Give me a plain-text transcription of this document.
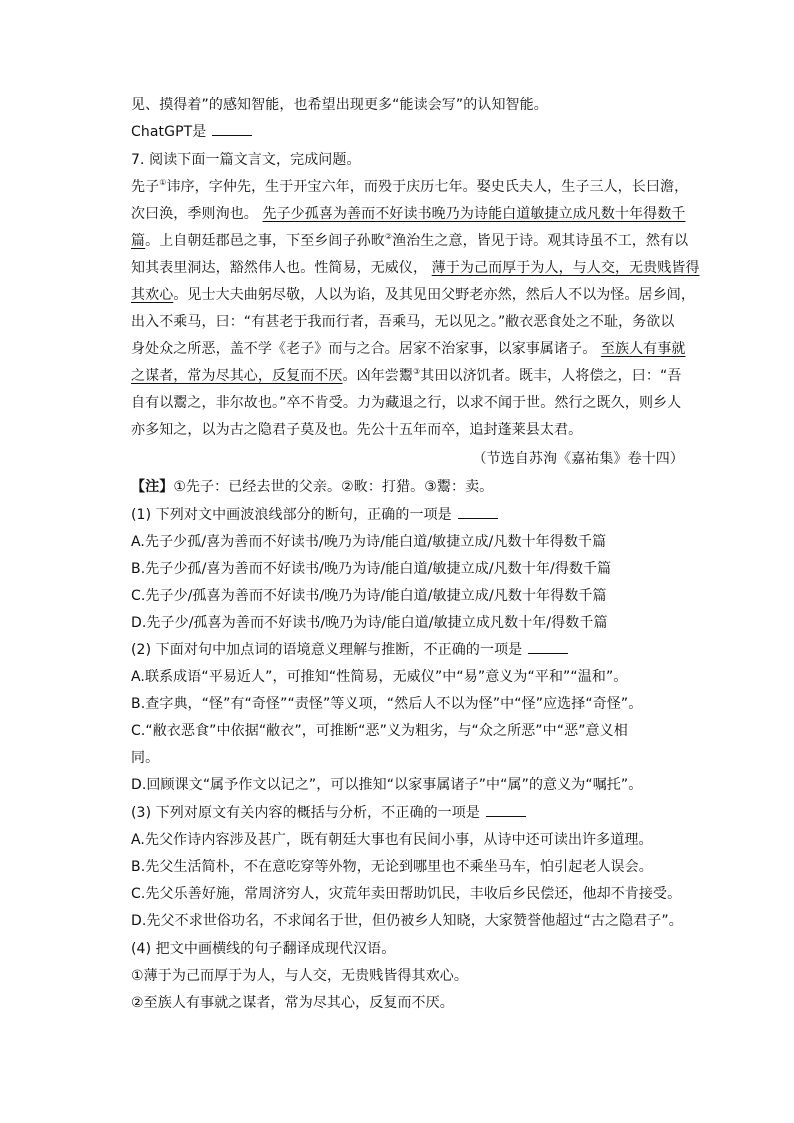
见、摸得着”的感知智能，也希望出现更多“能读会写”的认知智能。
ChatGPT是
7. 阅读下面一篇文言文，完成问题。
先子①讳序，字仲先，生于开宝六年，而殁于庆历七年。娶史氏夫人，生子三人，长曰澹，
次曰涣，季则洵也。 先子少孤喜为善而不好读书晚乃为诗能白道敏捷立成凡数十年得数千
篇。上自朝廷郡邑之事，下至乡闾子孙畋②渔治生之意，皆见于诗。观其诗虽不工，然有以
知其表里洞达，豁然伟人也。性简易，无威仪， 薄于为己而厚于为人，与人交，无贵贱皆得
其欢心。见士大夫曲躬尽敬，人以为谄，及其见田父野老亦然，然后人不以为怪。居乡闾，
出入不乘马，曰：“有甚老于我而行者，吾乘马，无以见之。”敝衣恶食处之不耻，务欲以
身处众之所恶，盖不学《老子》而与之合。居家不治家事，以家事属诸子。 至族人有事就
之谋者，常为尽其心，反复而不厌。凶年尝鬻③其田以济饥者。既丰，人将偿之，曰：“吾
自有以鬻之，非尔故也。”卒不肯受。力为藏退之行，以求不闻于世。然行之既久，则乡人
亦多知之，以为古之隐君子莫及也。先公十五年而卒，追封蓬莱县太君。
（节选自苏洵《嘉祐集》卷十四）
【注】①先子：已经去世的父亲。②畋：打猎。③鬻：卖。
(1) 下列对文中画波浪线部分的断句，正确的一项是
A.先子少孤/喜为善而不好读书/晚乃为诗/能白道/敏捷立成/凡数十年得数千篇
B.先子少孤/喜为善而不好读书/晚乃为诗/能白道/敏捷立成/凡数十年/得数千篇
C.先子少/孤喜为善而不好读书/晚乃为诗/能白道/敏捷立成/凡数十年得数千篇
D.先子少/孤喜为善而不好读书/晚乃为诗/能白道/敏捷立成凡数十年/得数千篇
(2) 下面对句中加点词的语境意义理解与推断，不正确的一项是
A.联系成语“平易近人”，可推知“性简易，无威仪”中“易”意义为“平和”“温和”。
B.查字典，“怪”有“奇怪”“责怪”等义项，“然后人不以为怪”中“怪”应选择“奇怪”。
C.“敝衣恶食”中依据“敝衣”，可推断“恶”义为粗劣，与“众之所恶”中“恶”意义相
同。
D.回顾课文“属予作文以记之”，可以推知“以家事属诸子”中“属”的意义为“嘱托”。
(3) 下列对原文有关内容的概括与分析，不正确的一项是
A.先父作诗内容涉及甚广，既有朝廷大事也有民间小事，从诗中还可读出许多道理。
B.先父生活简朴，不在意吃穿等外物，无论到哪里也不乘坐马车，怕引起老人误会。
C.先父乐善好施，常周济穷人，灾荒年卖田帮助饥民，丰收后乡民偿还，他却不肯接受。
D.先父不求世俗功名，不求闻名于世，但仍被乡人知晓，大家赞誉他超过“古之隐君子”。
(4) 把文中画横线的句子翻译成现代汉语。
①薄于为己而厚于为人，与人交，无贵贱皆得其欢心。
②至族人有事就之谋者，常为尽其心，反复而不厌。
